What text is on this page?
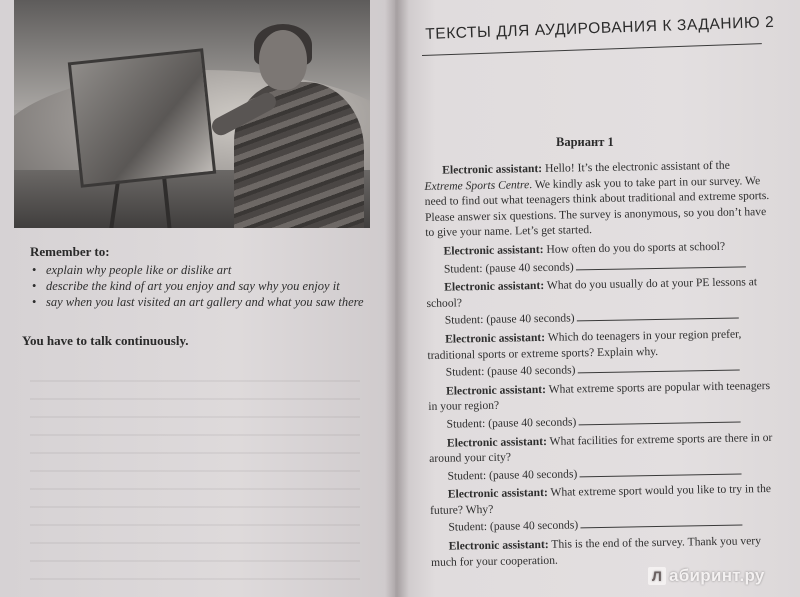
Remember to:
• explain why people like or dislike art
• describe the kind of art you enjoy and say why you enjoy it
• say when you last visited an art gallery and what you saw there
You have to talk continuously.
ТЕКСТЫ ДЛЯ АУДИРОВАНИЯ К ЗАДАНИЮ 2
Вариант 1

Electronic assistant: Hello! It’s the electronic assistant of the Extreme Sports Centre. We kindly ask you to take part in our survey. We need to find out what teenagers think about traditional and extreme sports. Please answer six questions. The survey is anonymous, so you don’t have to give your name. Let’s get started.

Electronic assistant: How often do you do sports at school?

Student: (pause 40 seconds)

Electronic assistant: What do you usually do at your PE lessons at school?

Student: (pause 40 seconds)

Electronic assistant: Which do teenagers in your region prefer, traditional sports or extreme sports? Explain why.

Student: (pause 40 seconds)

Electronic assistant: What extreme sports are popular with teenagers in your region?

Student: (pause 40 seconds)

Electronic assistant: What facilities for extreme sports are there in or around your city?

Student: (pause 40 seconds)

Electronic assistant: What extreme sport would you like to try in the future? Why?

Student: (pause 40 seconds)

Electronic assistant: This is the end of the survey. Thank you very much for your cooperation.

Л абиринт.ру
